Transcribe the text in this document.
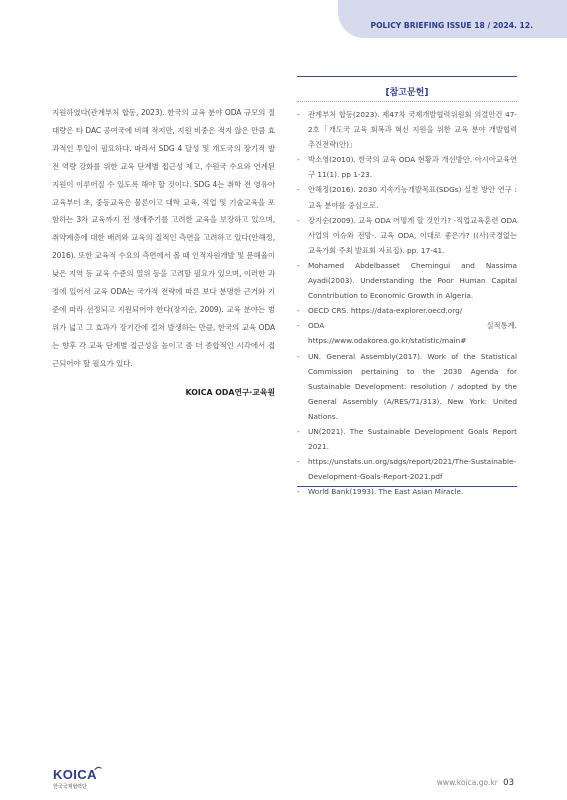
POLICY BRIEFING ISSUE 18 / 2024. 12.

지원하였다(관계부처 합동, 2023). 한국의 교육 분야 ODA 규모의 절대량은 타 DAC 공여국에 비해 적지만, 지원 비중은 적지 않은 만큼 효과적인 투입이 필요하다. 따라서 SDG 4 달성 및 개도국의 장기적 발전 역량 강화를 위한 교육 단계별 접근성 제고, 수원국 수요와 연계된 지원이 이루어질 수 있도록 해야 할 것이다. SDG 4는 취학 전 영유아 교육부터 초, 중등교육은 물론이고 대학 교육, 직업 및 기술교육을 포함하는 3차 교육까지 전 생애주기를 고려한 교육을 보장하고 있으며, 취약계층에 대한 배려와 교육의 질적인 측면을 고려하고 있다(안해정, 2016). 또한 교육적 수요의 측면에서 볼 때 인적자원개발 및 문해율이 낮은 지역 등 교육 수준의 열위 등을 고려할 필요가 있으며, 이러한 과정에 있어서 교육 ODA는 국가적 전략에 따른 보다 분명한 근거와 기준에 따라 선정되고 지원되어야 한다(장지순, 2009). 교육 분야는 범위가 넓고 그 효과가 장기간에 걸쳐 발생하는 만큼, 한국의 교육 ODA는 향후 각 교육 단계별 접근성을 높이고 좀 더 종합적인 시각에서 접근되어야 할 필요가 있다.

KOICA ODA연구·교육원
[참고문헌]
- 관계부처 합동(2023). 제47차 국제개발협력위원회 의결안건 47-2호「개도국 교육 회복과 혁신 지원을 위한 교육 분야 개발협력 추진전략(안)」
- 박소영(2010). 한국의 교육 ODA 현황과 개선방안. 아시아교육연구 11(1). pp 1-23.
- 안해정(2016). 2030 지속가능개발목표(SDGs) 실천 방안 연구 : 교육 분야를 중심으로.
- 장지순(2009). 교육 ODA 어떻게 할 것인가? -직업교육훈련 ODA 사업의 이슈와 전망-. 교육 ODA, 이대로 좋은가? ((사)국경없는 교육가회 주최 발표회 자료집). pp. 17-41.
- Mohamed Abdelbasset Chemingui and Nassima Ayadi(2003). Understanding the Poor Human Capital Conntribution to Economic Growth in Algeria.
- OECD CRS. https://data-explorer.oecd.org/
- ODA 실적통계. https://www.odakorea.go.kr/statistic/main#
- UN. General Assembly(2017). Work of the Statistical Commission pertaining to the 2030 Agenda for Sustainable Development: resolution / adopted by the General Assembly (A/RES/71/313). New York: United Nations.
- UN(2021). The Sustainable Development Goals Report 2021.
- https://unstats.un.org/sdgs/report/2021/The-Sustainable-Development-Goals-Report-2021.pdf
- World Bank(1993). The East Asian Miracle.
KOICA
한국국제협력단	www.koica.go.kr 03
